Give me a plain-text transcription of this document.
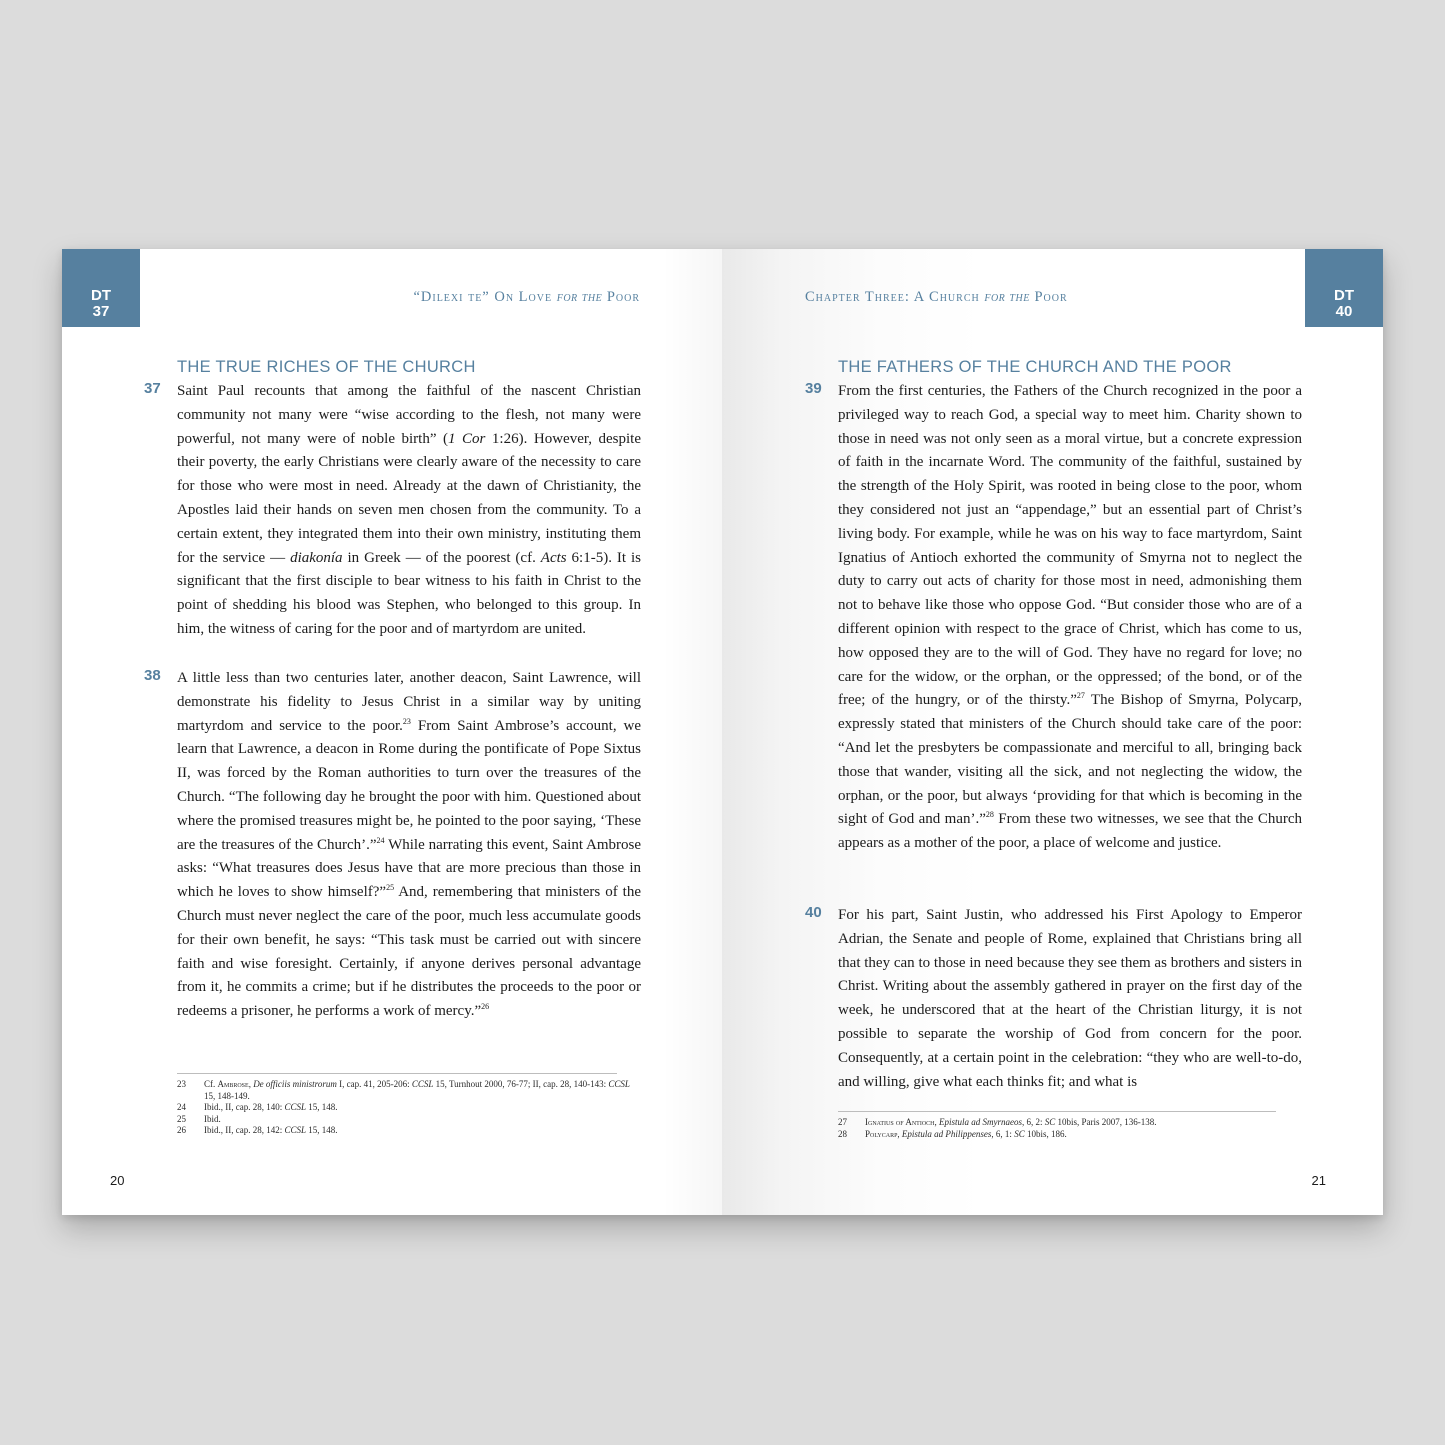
DT
37
“Dilexi te” On Love for the Poor
THE TRUE RICHES OF THE CHURCH
37	Saint Paul recounts that among the faithful of the nascent Christian community not many were “wise according to the flesh, not many were powerful, not many were of noble birth” (1 Cor 1:26). However, despite their poverty, the early Christians were clearly aware of the necessity to care for those who were most in need. Already at the dawn of Christianity, the Apostles laid their hands on seven men chosen from the community. To a certain extent, they integrated them into their own ministry, instituting them for the service — diakonía in Greek — of the poorest (cf. Acts 6:1-5). It is significant that the first disciple to bear witness to his faith in Christ to the point of shedding his blood was Stephen, who belonged to this group. In him, the witness of caring for the poor and of martyrdom are united.

38	A little less than two centuries later, another deacon, Saint Lawrence, will demonstrate his fidelity to Jesus Christ in a similar way by uniting martyrdom and service to the poor.$^{23}$ From Saint Ambrose’s account, we learn that Lawrence, a deacon in Rome during the pontificate of Pope Sixtus II, was forced by the Roman authorities to turn over the treasures of the Church. “The following day he brought the poor with him. Questioned about where the promised treasures might be, he pointed to the poor saying, ‘These are the treasures of the Church’.”$^{24}$ While narrating this event, Saint Ambrose asks: “What treasures does Jesus have that are more precious than those in which he loves to show himself?”$^{25}$ And, remembering that ministers of the Church must never neglect the care of the poor, much less accumulate goods for their own benefit, he says: “This task must be carried out with sincere faith and wise foresight. Certainly, if anyone derives personal advantage from it, he commits a crime; but if he distributes the proceeds to the poor or redeems a prisoner, he performs a work of mercy.”$^{26}$

23	Cf. Ambrose, De officiis ministrorum I, cap. 41, 205-206: CCSL 15, Turnhout 2000, 76-77; II, cap. 28, 140-143: CCSL 15, 148-149.
24	Ibid., II, cap. 28, 140: CCSL 15, 148.
25	Ibid.
26	Ibid., II, cap. 28, 142: CCSL 15, 148.
20
DT
40
Chapter Three: A Church for the Poor
THE FATHERS OF THE CHURCH AND THE POOR
39	From the first centuries, the Fathers of the Church recognized in the poor a privileged way to reach God, a special way to meet him. Charity shown to those in need was not only seen as a moral virtue, but a concrete expression of faith in the incarnate Word. The community of the faithful, sustained by the strength of the Holy Spirit, was rooted in being close to the poor, whom they considered not just an “appendage,” but an essential part of Christ’s living body. For example, while he was on his way to face martyrdom, Saint Ignatius of Antioch exhorted the community of Smyrna not to neglect the duty to carry out acts of charity for those most in need, admonishing them not to behave like those who oppose God. “But consider those who are of a different opinion with respect to the grace of Christ, which has come to us, how opposed they are to the will of God. They have no regard for love; no care for the widow, or the orphan, or the oppressed; of the bond, or of the free; of the hungry, or of the thirsty.”$^{27}$ The Bishop of Smyrna, Polycarp, expressly stated that ministers of the Church should take care of the poor: “And let the presbyters be compassionate and merciful to all, bringing back those that wander, visiting all the sick, and not neglecting the widow, the orphan, or the poor, but always ‘providing for that which is becoming in the sight of God and man’.”$^{28}$ From these two witnesses, we see that the Church appears as a mother of the poor, a place of welcome and justice.

40	For his part, Saint Justin, who addressed his First Apology to Emperor Adrian, the Senate and people of Rome, explained that Christians bring all that they can to those in need because they see them as brothers and sisters in Christ. Writing about the assembly gathered in prayer on the first day of the week, he underscored that at the heart of the Christian liturgy, it is not possible to separate the worship of God from concern for the poor. Consequently, at a certain point in the celebration: “they who are well-to-do, and willing, give what each thinks fit; and what is

27	Ignatius of Antioch, Epistula ad Smyrnaeos, 6, 2: SC 10bis, Paris 2007, 136-138.
28	Polycarp, Epistula ad Philippenses, 6, 1: SC 10bis, 186.
21
